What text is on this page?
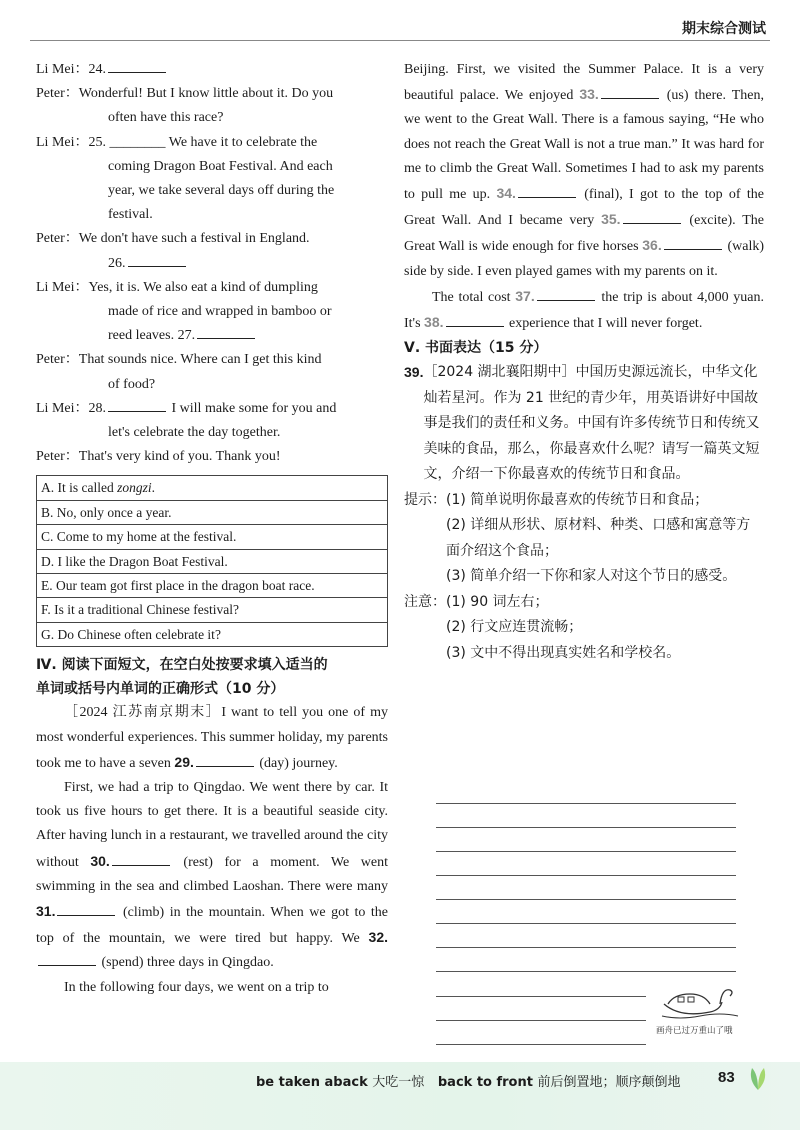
期末综合测试
Li Mei：24.
Peter：Wonderful! But I know little about it. Do you
often have this race?
Li Mei：25. ________ We have it to celebrate the
coming Dragon Boat Festival. And each
year, we take several days off during the
festival.
Peter：We don't have such a festival in England.
26.
Li Mei：Yes, it is. We also eat a kind of dumpling
made of rice and wrapped in bamboo or
reed leaves. 27.
Peter：That sounds nice. Where can I get this kind
of food?
Li Mei：28.	I will make some for you and
let's celebrate the day together.
Peter：That's very kind of you. Thank you!
A. It is called zongzi.
B. No, only once a year.
C. Come to my home at the festival.
D. I like the Dragon Boat Festival.
E. Our team got first place in the dragon boat race.
F. Is it a traditional Chinese festival?
G. Do Chinese often celebrate it?
Ⅳ. 阅读下面短文，在空白处按要求填入适当的
单词或括号内单词的正确形式（10 分）
［2024 江苏南京期末］I want to tell you one of my most wonderful experiences. This summer holiday, my parents took me to have a seven 29.	(day) journey.
First, we had a trip to Qingdao. We went there by car. It took us five hours to get there. It is a beautiful seaside city. After having lunch in a restaurant, we travelled around the city without 30.	(rest) for a moment. We went swimming in the sea and climbed Laoshan. There were many 31.	(climb) in the mountain. When we got to the top of the mountain, we were tired but happy. We 32. (spend) three days in Qingdao.
In the following four days, we went on a trip to
Beijing. First, we visited the Summer Palace. It is a very beautiful palace. We enjoyed 33.	(us) there. Then, we went to the Great Wall. There is a famous saying, “He who does not reach the Great Wall is not a true man.” It was hard for me to climb the Great Wall. Sometimes I had to ask my parents to pull me up. 34.	(final), I got to the top of the Great Wall. And I became very 35.	(excite). The Great Wall is wide enough for five horses 36.	(walk) side by side. I even played games with my parents on it.
The total cost 37.	the trip is about 4,000 yuan. It's 38.	experience that I will never forget.
Ⅴ. 书面表达（15 分）
39. ［2024 湖北襄阳期中］中国历史源远流长，中华文化灿若星河。作为 21 世纪的青少年，用英语讲好中国故事是我们的责任和义务。中国有许多传统节日和传统又美味的食品，那么，你最喜欢什么呢？请写一篇英文短文，介绍一下你最喜欢的传统节日和食品。
提示： (1) 简单说明你最喜欢的传统节日和食品；
(2) 详细从形状、原材料、种类、口感和寓意等方面介绍这个食品；
(3) 简单介绍一下你和家人对这个节日的感受。
注意： (1) 90 词左右；
(2) 行文应连贯流畅；
(3) 文中不得出现真实姓名和学校名。
画舟已过万重山了哦
be taken aback 大吃一惊 back to front 前后倒置地；顺序颠倒地 83
